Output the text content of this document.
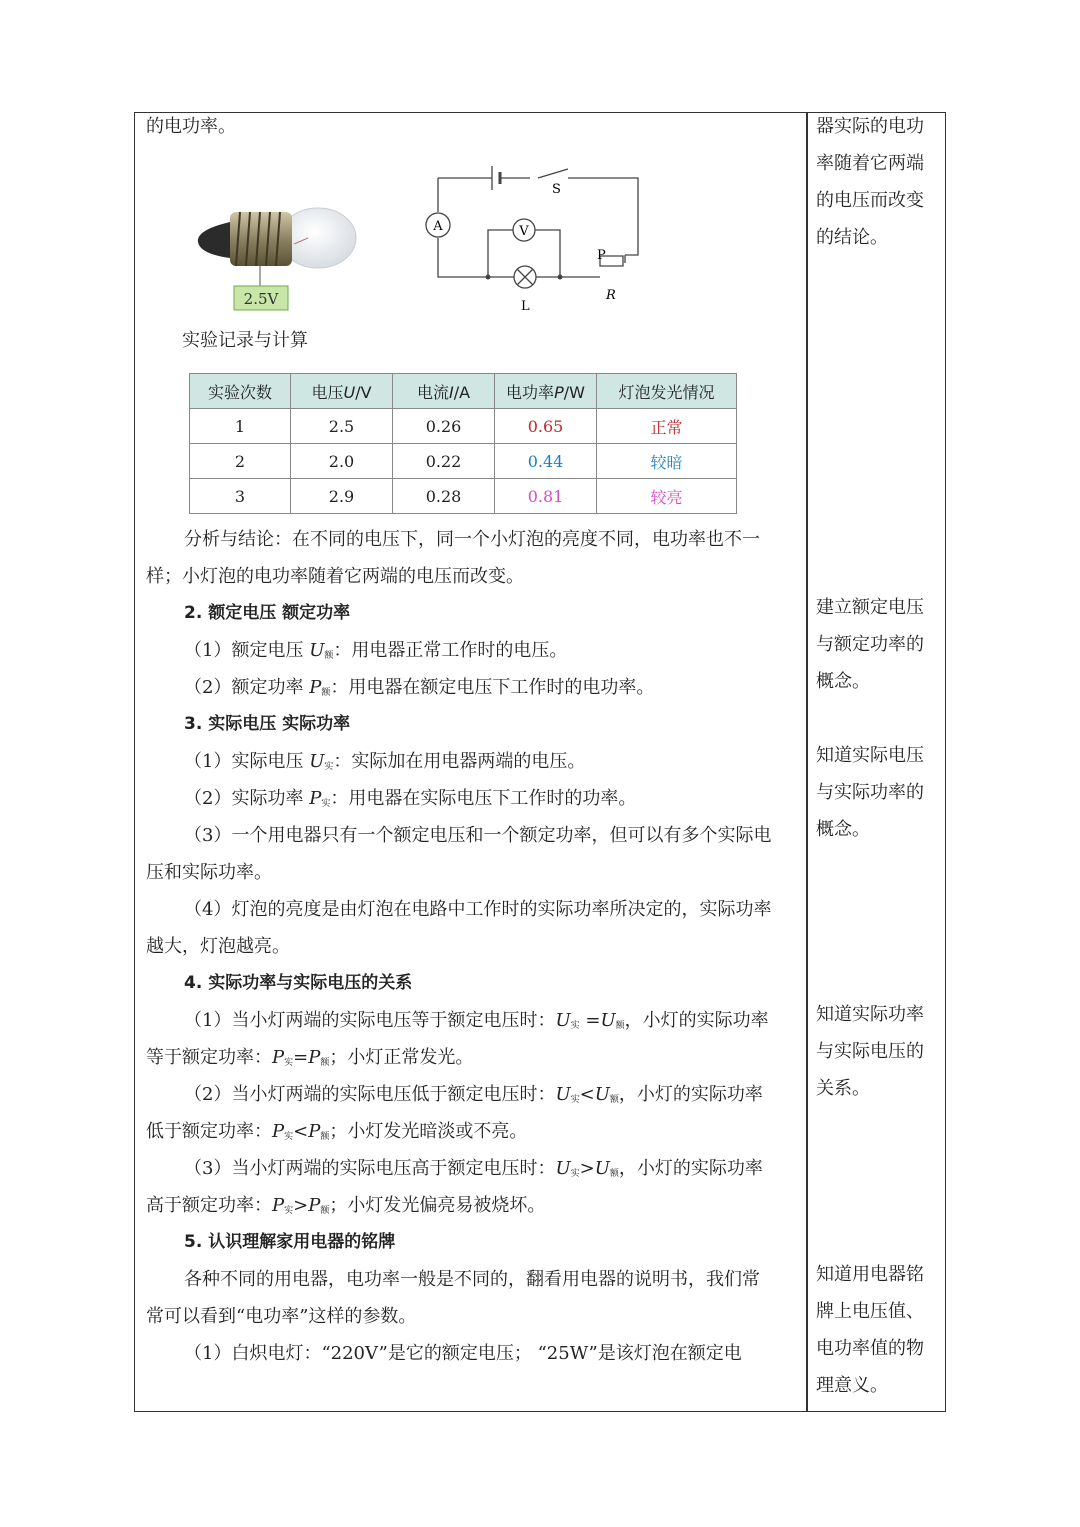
的电功率。
2.5V
A	V
S
L
P
R
实验记录与计算
实验次数	电压U/V	电流I/A	电功率P/W	灯泡发光情况
1	2.5	0.26	0.65	正常
2	2.0	0.22	0.44	较暗
3	2.9	0.28	0.81	较亮
分析与结论：在不同的电压下，同一个小灯泡的亮度不同，电功率也不一
样；小灯泡的电功率随着它两端的电压而改变。
2. 额定电压 额定功率
（1）额定电压 $U_额$：用电器正常工作时的电压。
（2）额定功率 $P_额$：用电器在额定电压下工作时的电功率。
3. 实际电压 实际功率
（1）实际电压 $U_实$：实际加在用电器两端的电压。
（2）实际功率 $P_实$：用电器在实际电压下工作时的功率。
（3）一个用电器只有一个额定电压和一个额定功率，但可以有多个实际电
压和实际功率。
（4）灯泡的亮度是由灯泡在电路中工作时的实际功率所决定的，实际功率
越大，灯泡越亮。
4. 实际功率与实际电压的关系
（1）当小灯两端的实际电压等于额定电压时：$U_实 =U_额$，小灯的实际功率
等于额定功率：$P_实=P_额$；小灯正常发光。
（2）当小灯两端的实际电压低于额定电压时：$U_实<U_额$，小灯的实际功率
低于额定功率：$P_实<P_额$；小灯发光暗淡或不亮。
（3）当小灯两端的实际电压高于额定电压时：$U_实>U_额$，小灯的实际功率
高于额定功率：$P_实>P_额$；小灯发光偏亮易被烧坏。
5. 认识理解家用电器的铭牌
各种不同的用电器，电功率一般是不同的，翻看用电器的说明书，我们常
常可以看到“电功率”这样的参数。
（1）白炽电灯：“220V”是它的额定电压； “25W”是该灯泡在额定电
器实际的电功
率随着它两端
的电压而改变
的结论。
建立额定电压
与额定功率的
概念。
知道实际电压
与实际功率的
概念。
知道实际功率
与实际电压的
关系。
知道用电器铭
牌上电压值、
电功率值的物
理意义。
